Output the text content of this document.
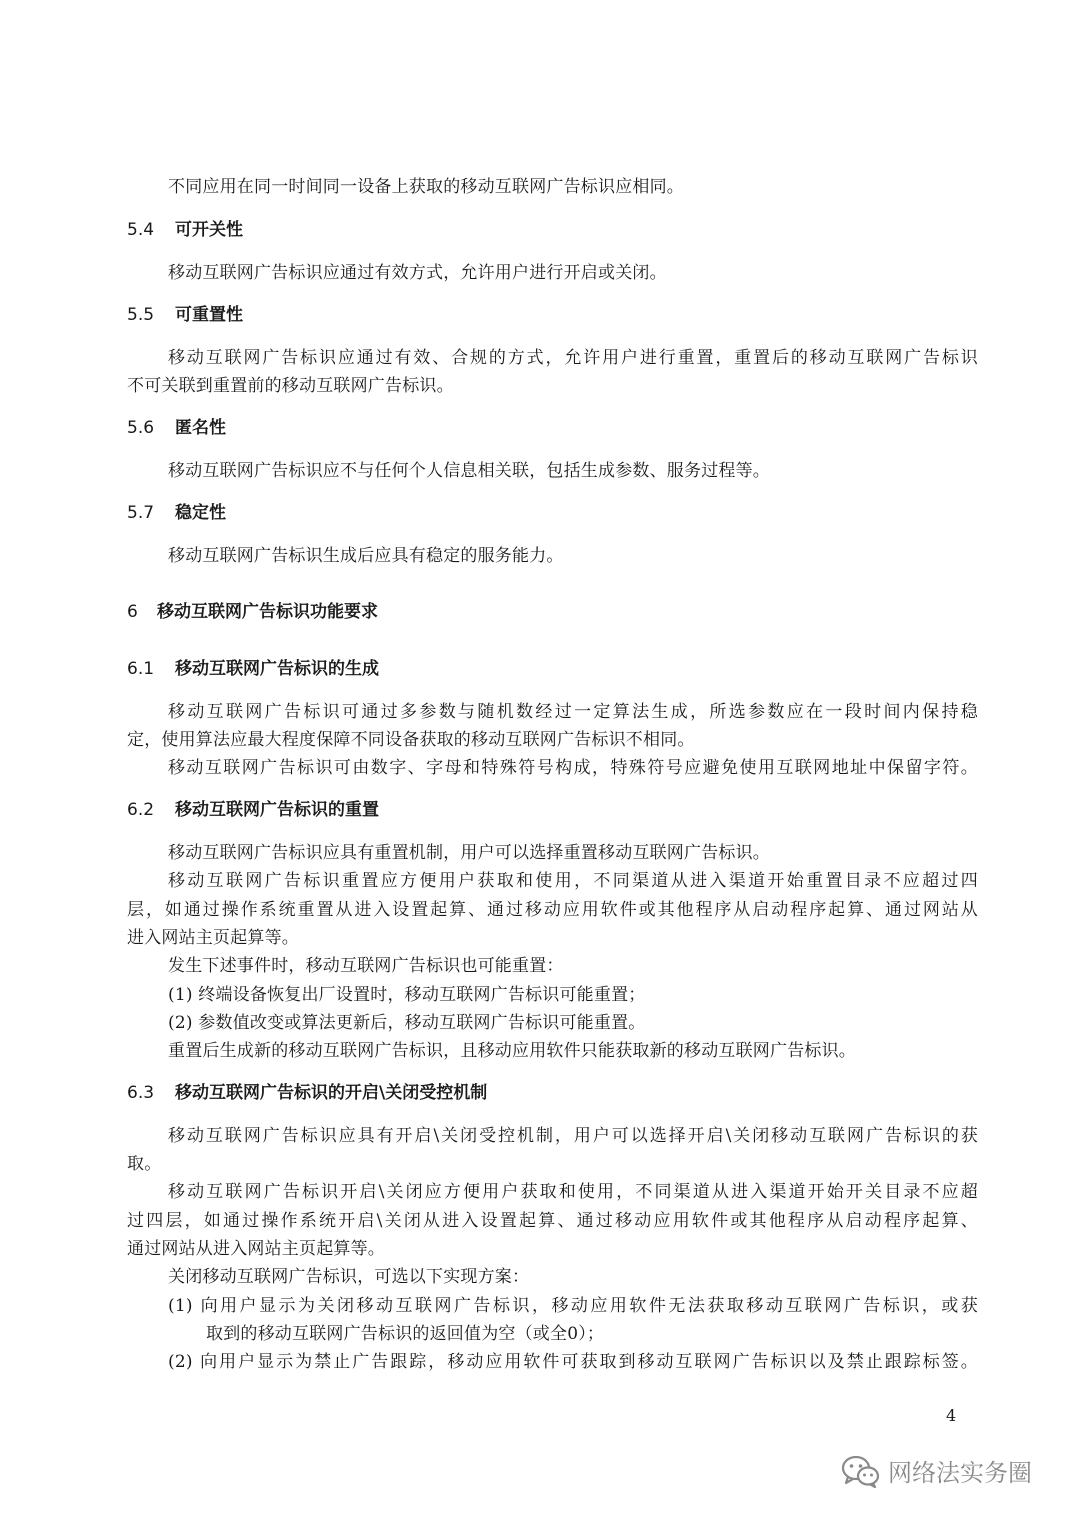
不同应用在同一时间同一设备上获取的移动互联网广告标识应相同。
5.4 可开关性
移动互联网广告标识应通过有效方式，允许用户进行开启或关闭。
5.5 可重置性
移动互联网广告标识应通过有效、合规的方式，允许用户进行重置，重置后的移动互联网广告标识
不可关联到重置前的移动互联网广告标识。
5.6 匿名性
移动互联网广告标识应不与任何个人信息相关联，包括生成参数、服务过程等。
5.7 稳定性
移动互联网广告标识生成后应具有稳定的服务能力。
6 移动互联网广告标识功能要求
6.1 移动互联网广告标识的生成
移动互联网广告标识可通过多参数与随机数经过一定算法生成，所选参数应在一段时间内保持稳
定，使用算法应最大程度保障不同设备获取的移动互联网广告标识不相同。
移动互联网广告标识可由数字、字母和特殊符号构成，特殊符号应避免使用互联网地址中保留字符。
6.2 移动互联网广告标识的重置
移动互联网广告标识应具有重置机制，用户可以选择重置移动互联网广告标识。
移动互联网广告标识重置应方便用户获取和使用，不同渠道从进入渠道开始重置目录不应超过四
层，如通过操作系统重置从进入设置起算、通过移动应用软件或其他程序从启动程序起算、通过网站从
进入网站主页起算等。
发生下述事件时，移动互联网广告标识也可能重置：
(1) 终端设备恢复出厂设置时，移动互联网广告标识可能重置；
(2) 参数值改变或算法更新后，移动互联网广告标识可能重置。
重置后生成新的移动互联网广告标识，且移动应用软件只能获取新的移动互联网广告标识。
6.3 移动互联网广告标识的开启\关闭受控机制
移动互联网广告标识应具有开启\关闭受控机制，用户可以选择开启\关闭移动互联网广告标识的获
取。
移动互联网广告标识开启\关闭应方便用户获取和使用，不同渠道从进入渠道开始开关目录不应超
过四层，如通过操作系统开启\关闭从进入设置起算、通过移动应用软件或其他程序从启动程序起算、
通过网站从进入网站主页起算等。
关闭移动互联网广告标识，可选以下实现方案：
(1) 向用户显示为关闭移动互联网广告标识，移动应用软件无法获取移动互联网广告标识，或获
取到的移动互联网广告标识的返回值为空（或全0）；
(2) 向用户显示为禁止广告跟踪，移动应用软件可获取到移动互联网广告标识以及禁止跟踪标签。
4
网络法实务圈
